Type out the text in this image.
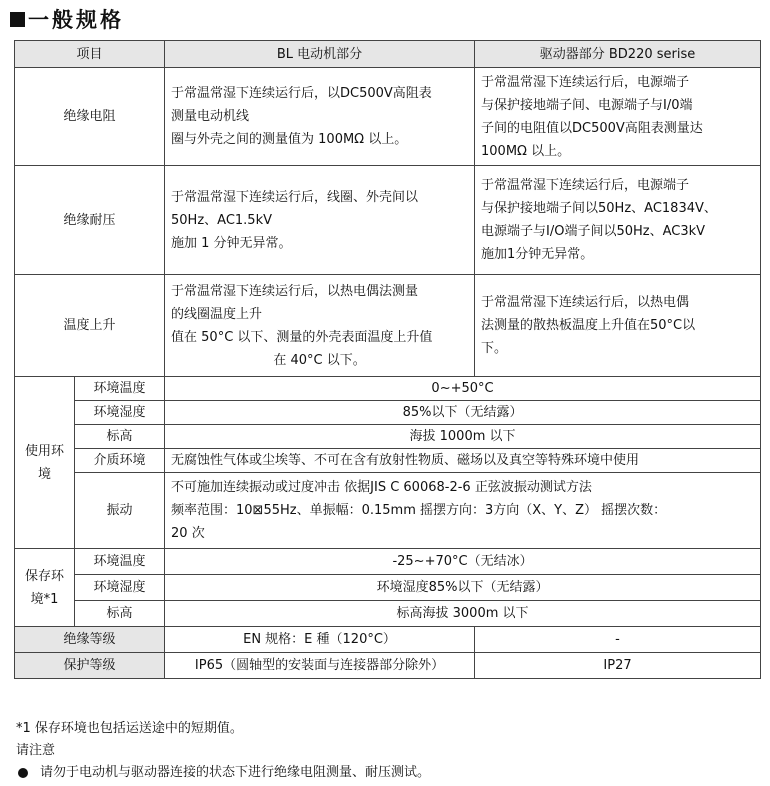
一般规格
项目		BL 电动机部分	驱动器部分 BD220 serise
绝缘电阻		于常温常湿下连续运行后，以DC500V高阻表
测量电动机线
圈与外壳之间的测量值为 100MΩ 以上。	于常温常湿下连续运行后，电源端子
与保护接地端子间、电源端子与I/0端
子间的电阻值以DC500V高阻表测量达
100MΩ 以上。
绝缘耐压		于常温常湿下连续运行后，线圈、外壳间以
50Hz、AC1.5kV
施加 1 分钟无异常。	于常温常湿下连续运行后，电源端子
与保护接地端子间以50Hz、AC1834V、
电源端子与I/O端子间以50Hz、AC3kV
施加1分钟无异常。
温度上升		于常温常湿下连续运行后，以热电偶法测量
的线圈温度上升
值在 50°C 以下、测量的外壳表面温度上升值
在 40°C 以下。	于常温常湿下连续运行后，以热电偶
法测量的散热板温度上升值在50°C以
下。
使用环
境	环境温度	0~+50°C	
	环境湿度	85%以下（无结露）	
	标高	海拔 1000m 以下	
	介质环境	无腐蚀性气体或尘埃等、不可在含有放射性物质、磁场以及真空等特殊环境中使用	
	振动	不可施加连续振动或过度冲击 依据JIS C 60068-2-6 正弦波振动测试方法
频率范围：10⊠55Hz、单振幅：0.15mm 摇摆方向：3方向（X、Y、Z） 摇摆次数：
20 次	
保存环
境*1	环境温度	-25~+70°C（无结冰）	
	环境湿度	环境湿度85%以下（无结露）	
	标高	标高海拔 3000m 以下	
绝缘等级		EN 规格：E 種（120°C）	-
保护等级		IP65（圆轴型的安装面与连接器部分除外）	IP27
*1 保存环境也包括运送途中的短期值。
请注意
请勿于电动机与驱动器连接的状态下进行绝缘电阻测量、耐压测试。
